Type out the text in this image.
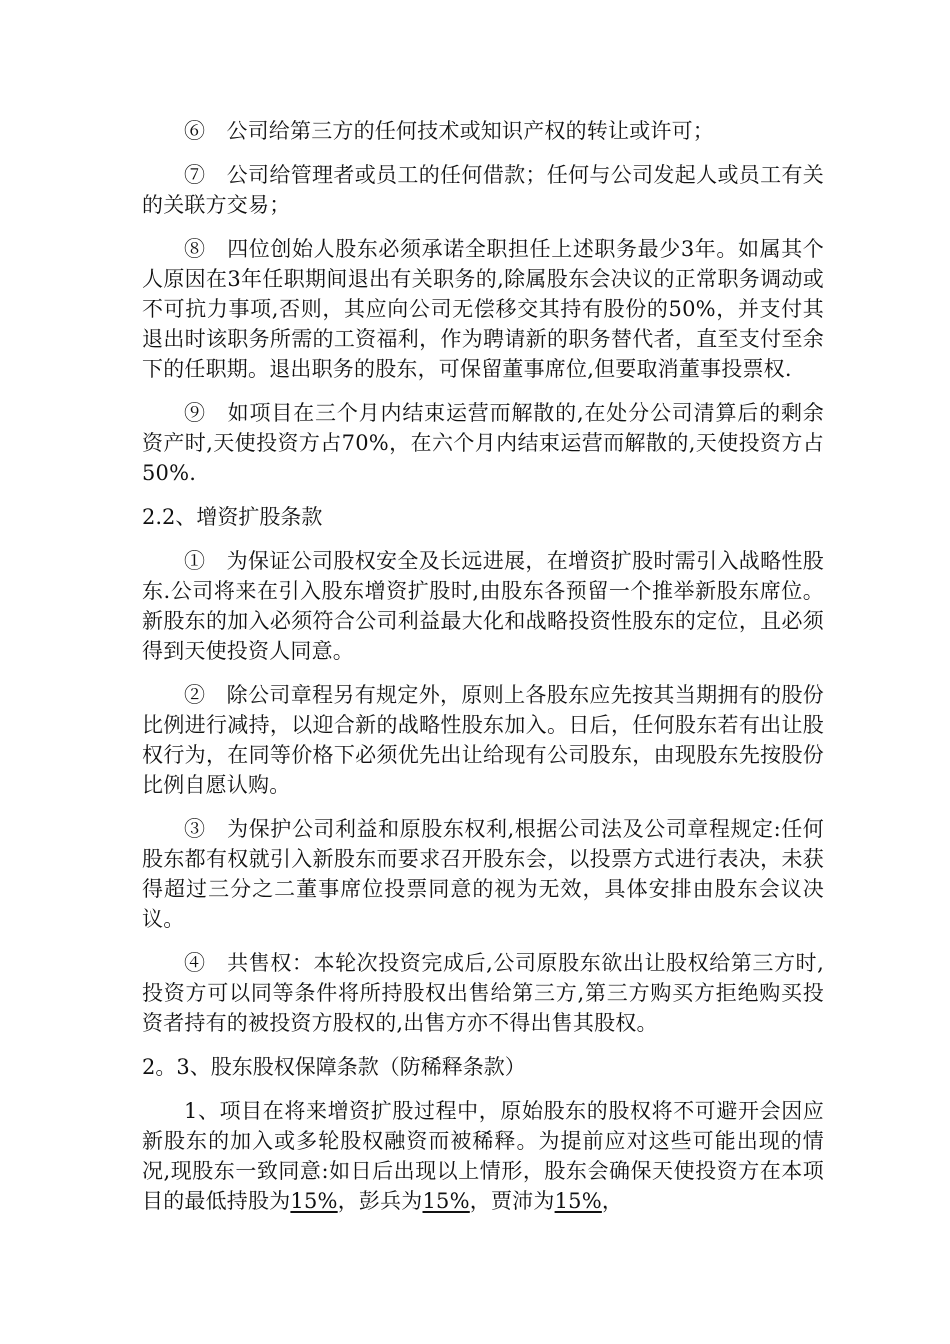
⑥　公司给第三方的任何技术或知识产权的转让或许可；

⑦　公司给管理者或员工的任何借款；任何与公司发起人或员工有关的关联方交易；

⑧　四位创始人股东必须承诺全职担任上述职务最少3年。如属其个人原因在3年任职期间退出有关职务的,除属股东会决议的正常职务调动或不可抗力事项,否则，其应向公司无偿移交其持有股份的50%，并支付其退出时该职务所需的工资福利，作为聘请新的职务替代者，直至支付至余下的任职期。退出职务的股东，可保留董事席位,但要取消董事投票权.

⑨　如项目在三个月内结束运营而解散的,在处分公司清算后的剩余资产时,天使投资方占70%，在六个月内结束运营而解散的,天使投资方占50%.

2.2、增资扩股条款

①　为保证公司股权安全及长远进展，在增资扩股时需引入战略性股东.公司将来在引入股东增资扩股时,由股东各预留一个推举新股东席位。新股东的加入必须符合公司利益最大化和战略投资性股东的定位，且必须得到天使投资人同意。

②　除公司章程另有规定外，原则上各股东应先按其当期拥有的股份比例进行减持，以迎合新的战略性股东加入。日后，任何股东若有出让股权行为，在同等价格下必须优先出让给现有公司股东，由现股东先按股份比例自愿认购。

③　为保护公司利益和原股东权利,根据公司法及公司章程规定:任何股东都有权就引入新股东而要求召开股东会，以投票方式进行表决，未获得超过三分之二董事席位投票同意的视为无效，具体安排由股东会议决议。

④　共售权：本轮次投资完成后,公司原股东欲出让股权给第三方时,投资方可以同等条件将所持股权出售给第三方,第三方购买方拒绝购买投资者持有的被投资方股权的,出售方亦不得出售其股权。

2。3、股东股权保障条款（防稀释条款）

1、项目在将来增资扩股过程中，原始股东的股权将不可避开会因应新股东的加入或多轮股权融资而被稀释。为提前应对这些可能出现的情况,现股东一致同意:如日后出现以上情形，股东会确保天使投资方在本项目的最低持股为15%，彭兵为15%，贾沛为15%，
